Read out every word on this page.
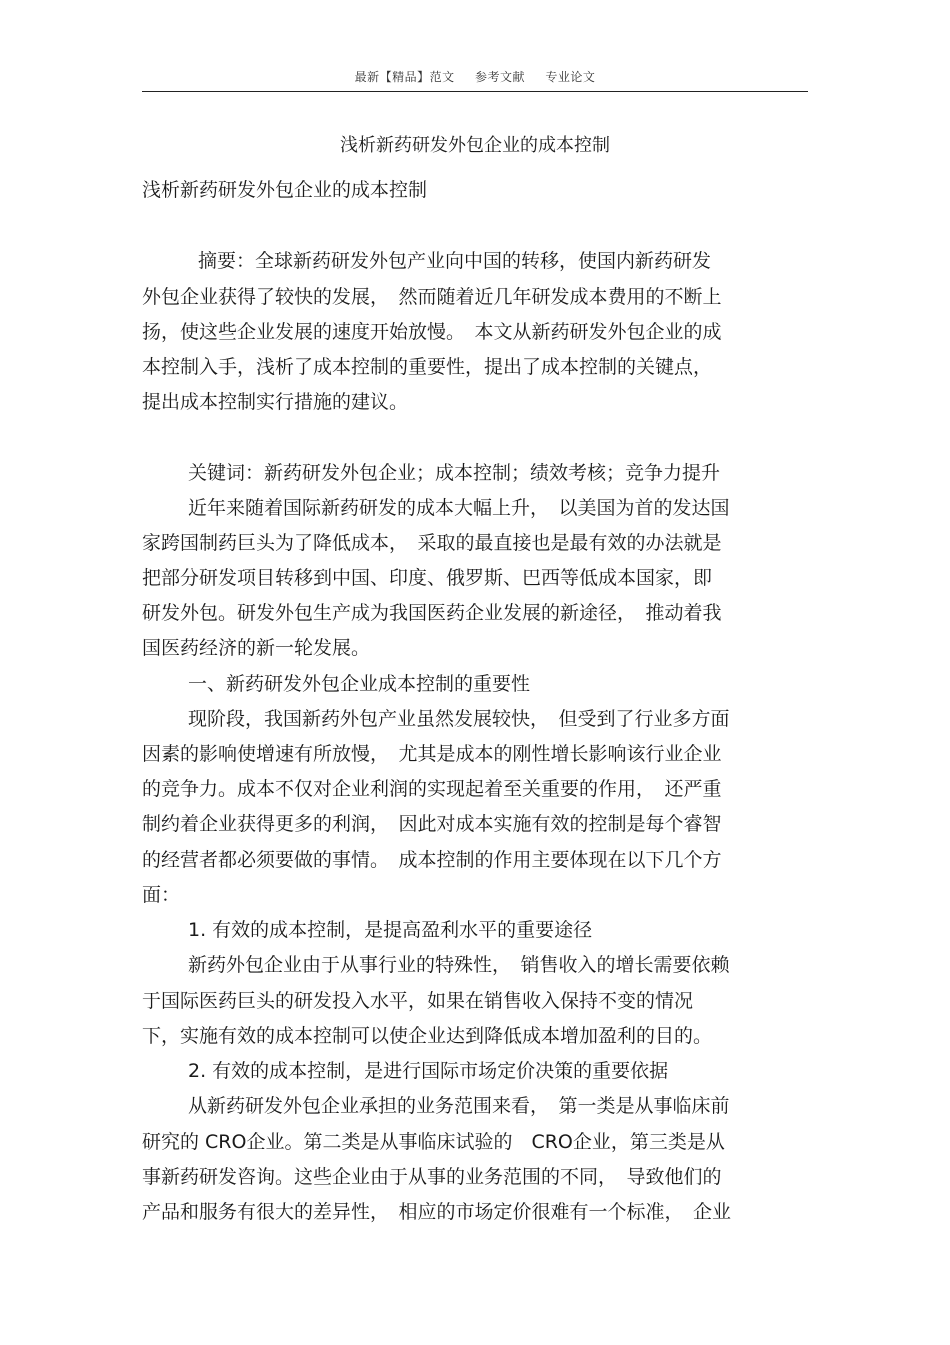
最新【精品】范文 参考文献 专业论文
浅析新药研发外包企业的成本控制
浅析新药研发外包企业的成本控制
摘要：全球新药研发外包产业向中国的转移，使国内新药研发
外包企业获得了较快的发展，　然而随着近几年研发成本费用的不断上
扬，使这些企业发展的速度开始放慢。　本文从新药研发外包企业的成
本控制入手，浅析了成本控制的重要性，提出了成本控制的关键点，
提出成本控制实行措施的建议。
关键词：新药研发外包企业；成本控制；绩效考核；竞争力提升
近年来随着国际新药研发的成本大幅上升，　以美国为首的发达国
家跨国制药巨头为了降低成本，　采取的最直接也是最有效的办法就是
把部分研发项目转移到中国、印度、俄罗斯、巴西等低成本国家，即
研发外包。研发外包生产成为我国医药企业发展的新途径，　推动着我
国医药经济的新一轮发展。
一、新药研发外包企业成本控制的重要性
现阶段，我国新药外包产业虽然发展较快，　但受到了行业多方面
因素的影响使增速有所放慢，　尤其是成本的刚性增长影响该行业企业
的竞争力。成本不仅对企业利润的实现起着至关重要的作用，　还严重
制约着企业获得更多的利润，　因此对成本实施有效的控制是每个睿智
的经营者都必须要做的事情。　成本控制的作用主要体现在以下几个方
面：
1. 有效的成本控制，是提高盈利水平的重要途径
新药外包企业由于从事行业的特殊性，　销售收入的增长需要依赖
于国际医药巨头的研发投入水平，如果在销售收入保持不变的情况
下，实施有效的成本控制可以使企业达到降低成本增加盈利的目的。
2. 有效的成本控制，是进行国际市场定价决策的重要依据
从新药研发外包企业承担的业务范围来看，　第一类是从事临床前
研究的 CRO企业。第二类是从事临床试验的　CRO企业，第三类是从
事新药研发咨询。这些企业由于从事的业务范围的不同，　导致他们的
产品和服务有很大的差异性，　相应的市场定价很难有一个标准，　企业
